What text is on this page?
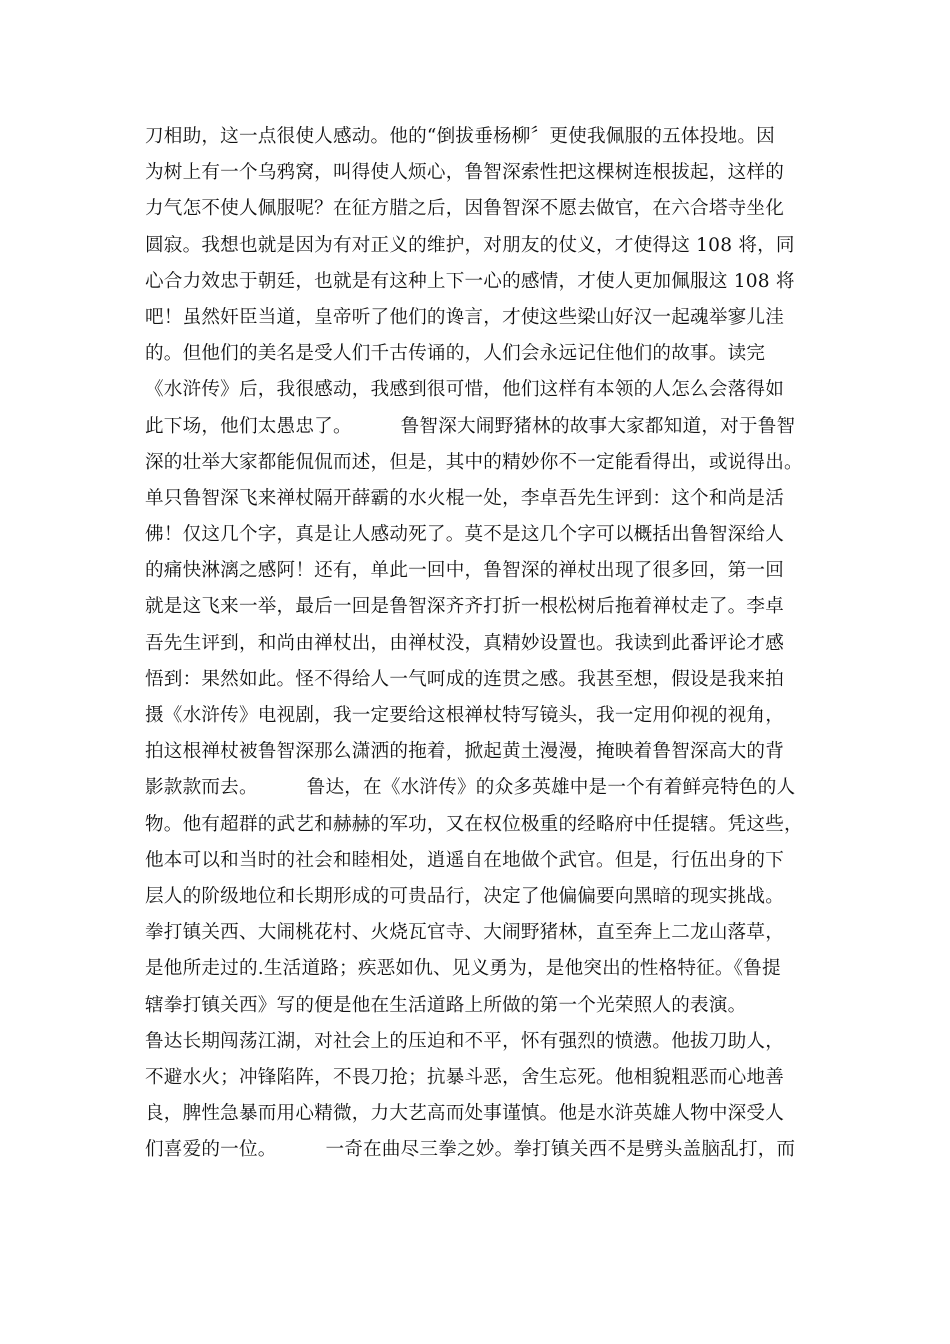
刀相助，这一点很使人感动。他的“倒拔垂杨柳〞更使我佩服的五体投地。因
为树上有一个乌鸦窝，叫得使人烦心，鲁智深索性把这棵树连根拔起，这样的
力气怎不使人佩服呢？在征方腊之后，因鲁智深不愿去做官，在六合塔寺坐化
圆寂。我想也就是因为有对正义的维护，对朋友的仗义，才使得这 108 将，同
心合力效忠于朝廷，也就是有这种上下一心的感情，才使人更加佩服这 108 将
吧！虽然奸臣当道，皇帝听了他们的谗言，才使这些梁山好汉一起魂举寥儿洼
的。但他们的美名是受人们千古传诵的，人们会永远记住他们的故事。读完
《水浒传》后，我很感动，我感到很可惜，他们这样有本领的人怎么会落得如
此下场，他们太愚忠了。        鲁智深大闹野猪林的故事大家都知道，对于鲁智
深的壮举大家都能侃侃而述，但是，其中的精妙你不一定能看得出，或说得出。
单只鲁智深飞来禅杖隔开薛霸的水火棍一处，李卓吾先生评到：这个和尚是活
佛！仅这几个字，真是让人感动死了。莫不是这几个字可以概括出鲁智深给人
的痛快淋漓之感阿！还有，单此一回中，鲁智深的禅杖出现了很多回，第一回
就是这飞来一举，最后一回是鲁智深齐齐打折一根松树后拖着禅杖走了。李卓
吾先生评到，和尚由禅杖出，由禅杖没，真精妙设置也。我读到此番评论才感
悟到：果然如此。怪不得给人一气呵成的连贯之感。我甚至想，假设是我来拍
摄《水浒传》电视剧，我一定要给这根禅杖特写镜头，我一定用仰视的视角，
拍这根禅杖被鲁智深那么潇洒的拖着，掀起黄土漫漫，掩映着鲁智深高大的背
影款款而去。        鲁达，在《水浒传》的众多英雄中是一个有着鲜亮特色的人
物。他有超群的武艺和赫赫的军功，又在权位极重的经略府中任提辖。凭这些，
他本可以和当时的社会和睦相处，逍遥自在地做个武官。但是，行伍出身的下
层人的阶级地位和长期形成的可贵品行，决定了他偏偏要向黑暗的现实挑战。
拳打镇关西、大闹桃花村、火烧瓦官寺、大闹野猪林，直至奔上二龙山落草，
是他所走过的.生活道路；疾恶如仇、见义勇为，是他突出的性格特征。《鲁提
辖拳打镇关西》写的便是他在生活道路上所做的第一个光荣照人的表演。
鲁达长期闯荡江湖，对社会上的压迫和不平，怀有强烈的愤懑。他拔刀助人，
不避水火；冲锋陷阵，不畏刀抢；抗暴斗恶，舍生忘死。他相貌粗恶而心地善
良，脾性急暴而用心精微，力大艺高而处事谨慎。他是水浒英雄人物中深受人
们喜爱的一位。        一奇在曲尽三拳之妙。拳打镇关西不是劈头盖脑乱打，而
